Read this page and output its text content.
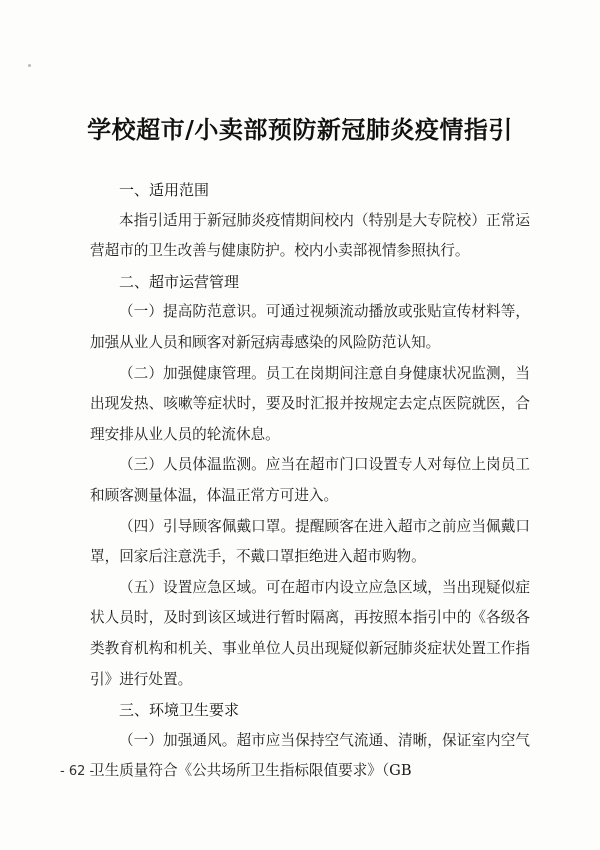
学校超市/小卖部预防新冠肺炎疫情指引

一、适用范围

本指引适用于新冠肺炎疫情期间校内（特别是大专院校）正常运营超市的卫生改善与健康防护。校内小卖部视情参照执行。

二、超市运营管理

（一）提高防范意识。可通过视频流动播放或张贴宣传材料等，加强从业人员和顾客对新冠病毒感染的风险防范认知。

（二）加强健康管理。员工在岗期间注意自身健康状况监测，当出现发热、咳嗽等症状时，要及时汇报并按规定去定点医院就医，合理安排从业人员的轮流休息。

（三）人员体温监测。应当在超市门口设置专人对每位上岗员工和顾客测量体温，体温正常方可进入。

（四）引导顾客佩戴口罩。提醒顾客在进入超市之前应当佩戴口罩，回家后注意洗手，不戴口罩拒绝进入超市购物。

（五）设置应急区域。可在超市内设立应急区域，当出现疑似症状人员时，及时到该区域进行暂时隔离，再按照本指引中的《各级各类教育机构和机关、事业单位人员出现疑似新冠肺炎症状处置工作指引》进行处置。

三、环境卫生要求

（一）加强通风。超市应当保持空气流通、清晰，保证室内空气卫生质量符合《公共场所卫生指标限值要求》（GB

- 62 -
